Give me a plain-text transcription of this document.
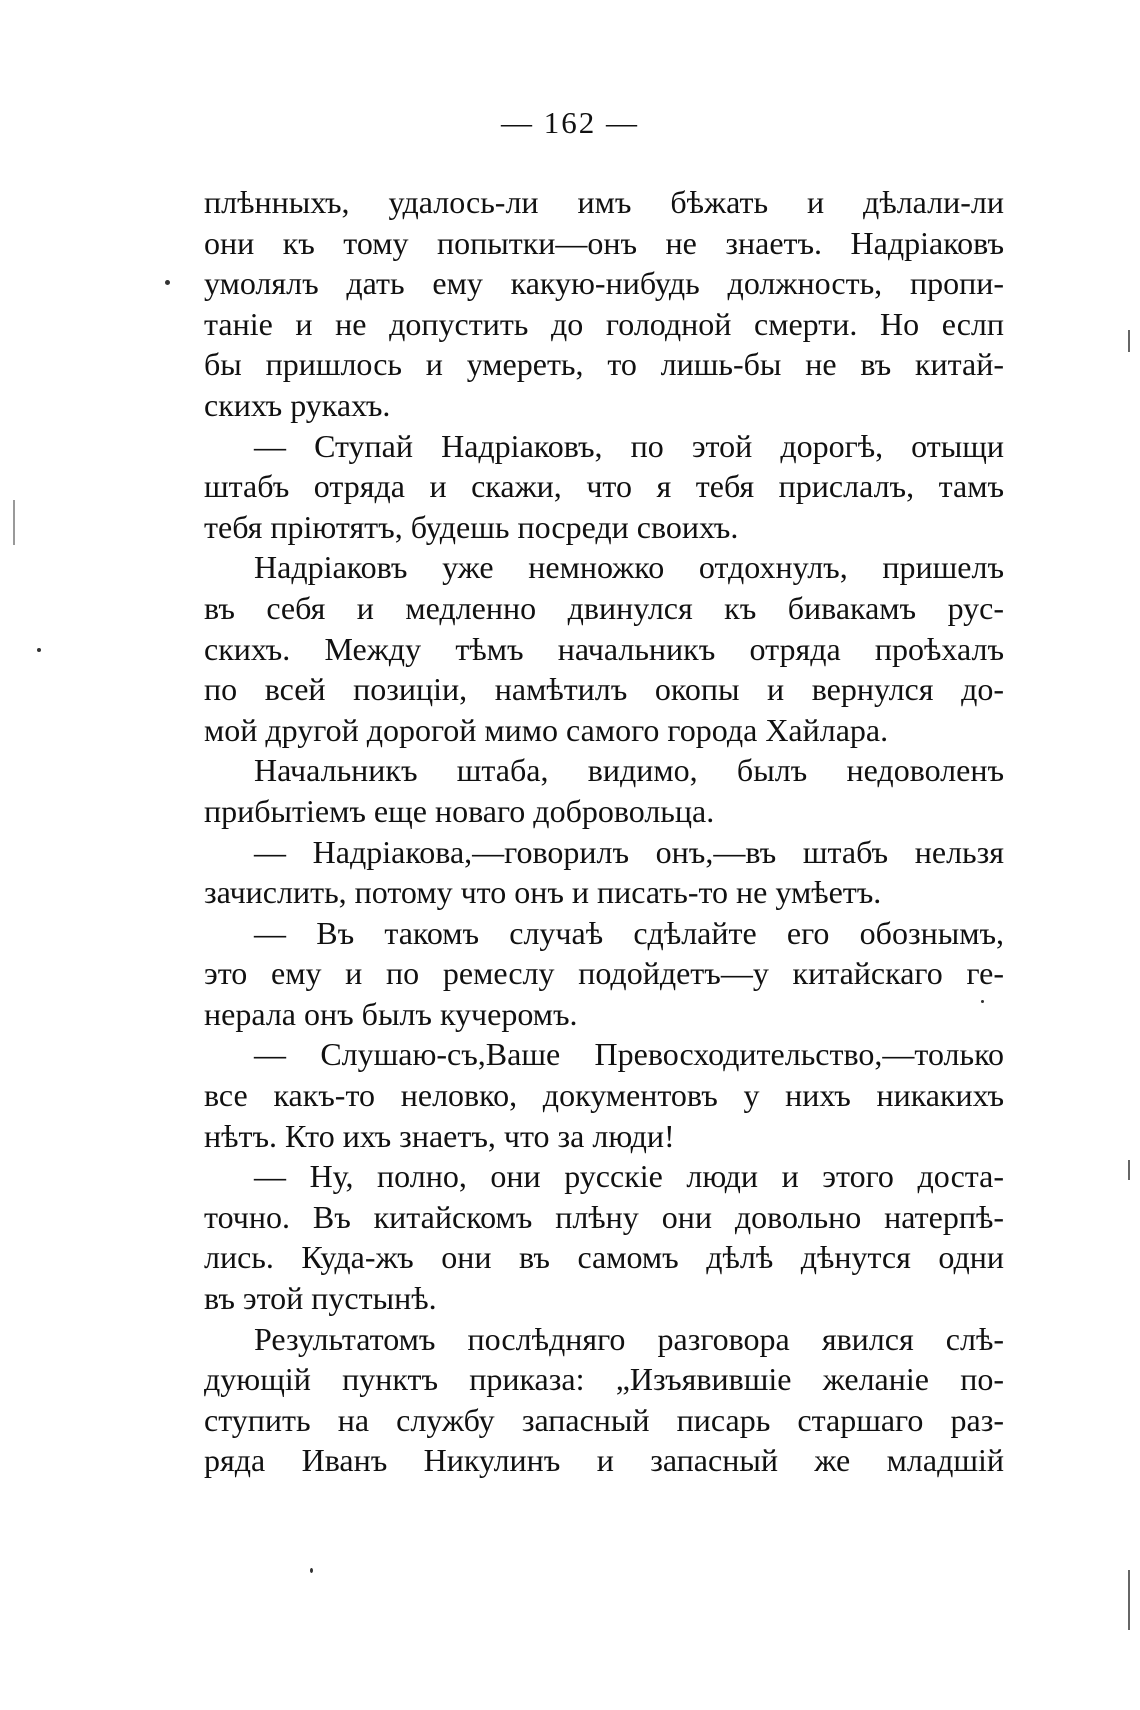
— 162 —

плѣнныхъ, удалось-ли имъ бѣжать и дѣлали-ли
они къ тому попытки—онъ не знаетъ. Надріаковъ
умолялъ дать ему какую-нибудь должность, пропи-
таніе и не допустить до голодной смерти. Но еслп
бы пришлось и умереть, то лишь-бы не въ китай-
скихъ рукахъ.

— Ступай Надріаковъ, по этой дорогѣ, отыщи
штабъ отряда и скажи, что я тебя прислалъ, тамъ
тебя пріютятъ, будешь посреди своихъ.

Надріаковъ уже немножко отдохнулъ, пришелъ
въ себя и медленно двинулся къ бивакамъ рус-
скихъ. Между тѣмъ начальникъ отряда проѣхалъ
по всей позиціи, намѣтилъ окопы и вернулся до-
мой другой дорогой мимо самого города Хайлара.

Начальникъ штаба, видимо, былъ недоволенъ
прибытіемъ еще новаго добровольца.

— Надріакова,—говорилъ онъ,—въ штабъ нельзя
зачислить, потому что онъ и писать-то не умѣетъ.

— Въ такомъ случаѣ сдѣлайте его обознымъ,
это ему и по ремеслу подойдетъ—у китайскаго ге-
нерала онъ былъ кучеромъ.

— Слушаю-съ,Ваше Превосходительство,—только
все какъ-то неловко, документовъ у нихъ никакихъ
нѣтъ. Кто ихъ знаетъ, что за люди!

— Ну, полно, они русскіе люди и этого доста-
точно. Въ китайскомъ плѣну они довольно натерпѣ-
лись. Куда-жъ они въ самомъ дѣлѣ дѣнутся одни
въ этой пустынѣ.

Результатомъ послѣдняго разговора явился слѣ-
дующій пунктъ приказа: „Изъявившіе желаніе по-
ступить на службу запасный писарь старшаго раз-
ряда Иванъ Никулинъ и запасный же младшій
